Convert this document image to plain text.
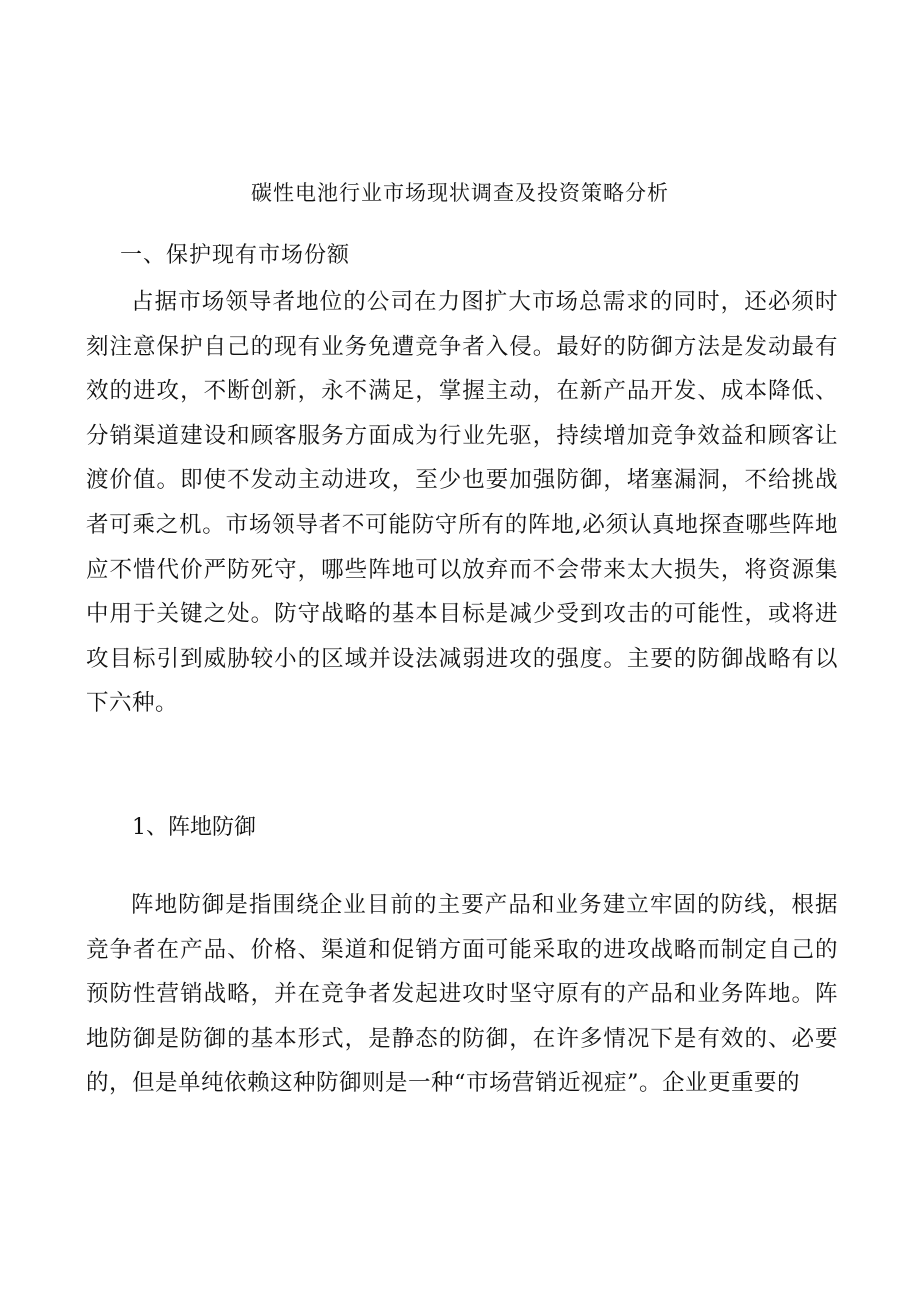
碳性电池行业市场现状调查及投资策略分析
一、保护现有市场份额

占据市场领导者地位的公司在力图扩大市场总需求的同时，还必须时刻注意保护自己的现有业务免遭竞争者入侵。最好的防御方法是发动最有效的进攻，不断创新，永不满足，掌握主动，在新产品开发、成本降低、分销渠道建设和顾客服务方面成为行业先驱，持续增加竞争效益和顾客让渡价值。即使不发动主动进攻，至少也要加强防御，堵塞漏洞，不给挑战者可乘之机。市场领导者不可能防守所有的阵地,必须认真地探查哪些阵地应不惜代价严防死守，哪些阵地可以放弃而不会带来太大损失，将资源集中用于关键之处。防守战略的基本目标是减少受到攻击的可能性，或将进攻目标引到威胁较小的区域并设法减弱进攻的强度。主要的防御战略有以下六种。

1、阵地防御

阵地防御是指围绕企业目前的主要产品和业务建立牢固的防线，根据竞争者在产品、价格、渠道和促销方面可能采取的进攻战略而制定自己的预防性营销战略，并在竞争者发起进攻时坚守原有的产品和业务阵地。阵地防御是防御的基本形式，是静态的防御，在许多情况下是有效的、必要的，但是单纯依赖这种防御则是一种“市场营销近视症”。企业更重要的
